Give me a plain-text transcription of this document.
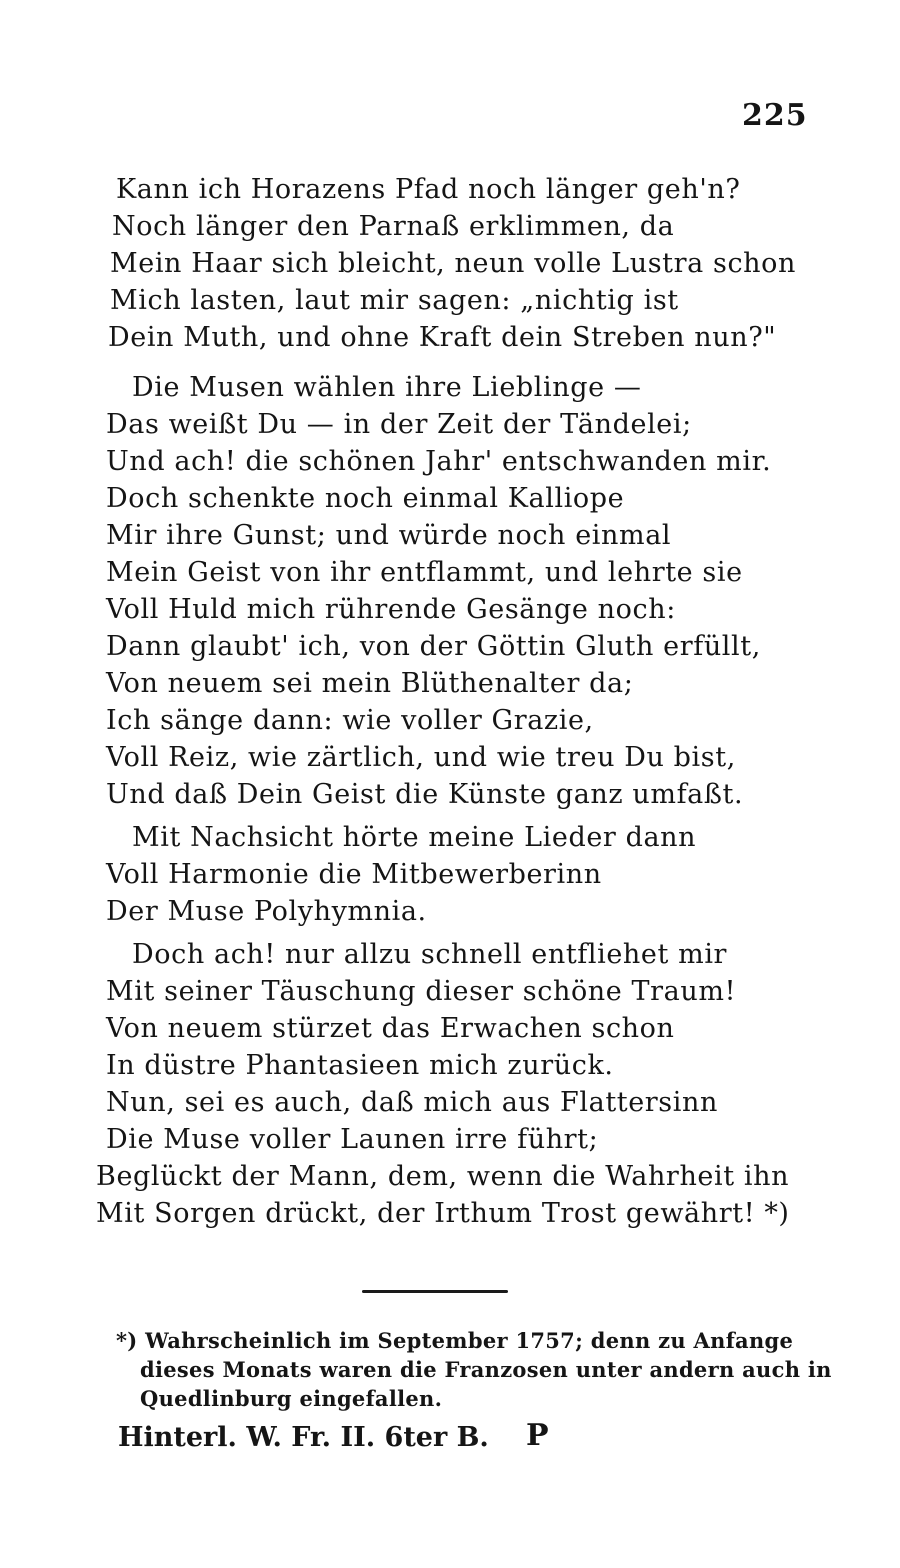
225
Kann ich Horazens Pfad noch länger geh'n?
Noch länger den Parnaß erklimmen, da
Mein Haar sich bleicht, neun volle Lustra schon
Mich lasten, laut mir sagen: „nichtig ist
Dein Muth, und ohne Kraft dein Streben nun?"
Die Musen wählen ihre Lieblinge —
Das weißt Du — in der Zeit der Tändelei;
Und ach! die schönen Jahr' entschwanden mir.
Doch schenkte noch einmal Kalliope
Mir ihre Gunst; und würde noch einmal
Mein Geist von ihr entflammt, und lehrte sie
Voll Huld mich rührende Gesänge noch:
Dann glaubt' ich, von der Göttin Gluth erfüllt,
Von neuem sei mein Blüthenalter da;
Ich sänge dann: wie voller Grazie,
Voll Reiz, wie zärtlich, und wie treu Du bist,
Und daß Dein Geist die Künste ganz umfaßt.
Mit Nachsicht hörte meine Lieder dann
Voll Harmonie die Mitbewerberinn
Der Muse Polyhymnia.
Doch ach! nur allzu schnell entfliehet mir
Mit seiner Täuschung dieser schöne Traum!
Von neuem stürzet das Erwachen schon
In düstre Phantasieen mich zurück.
Nun, sei es auch, daß mich aus Flattersinn
Die Muse voller Launen irre führt;
Beglückt der Mann, dem, wenn die Wahrheit ihn
Mit Sorgen drückt, der Irthum Trost gewährt! *)
*) Wahrscheinlich im September 1757; denn zu Anfange
dieses Monats waren die Franzosen unter andern auch in
Quedlinburg eingefallen.
Hinterl. W. Fr. II. 6ter B. P
